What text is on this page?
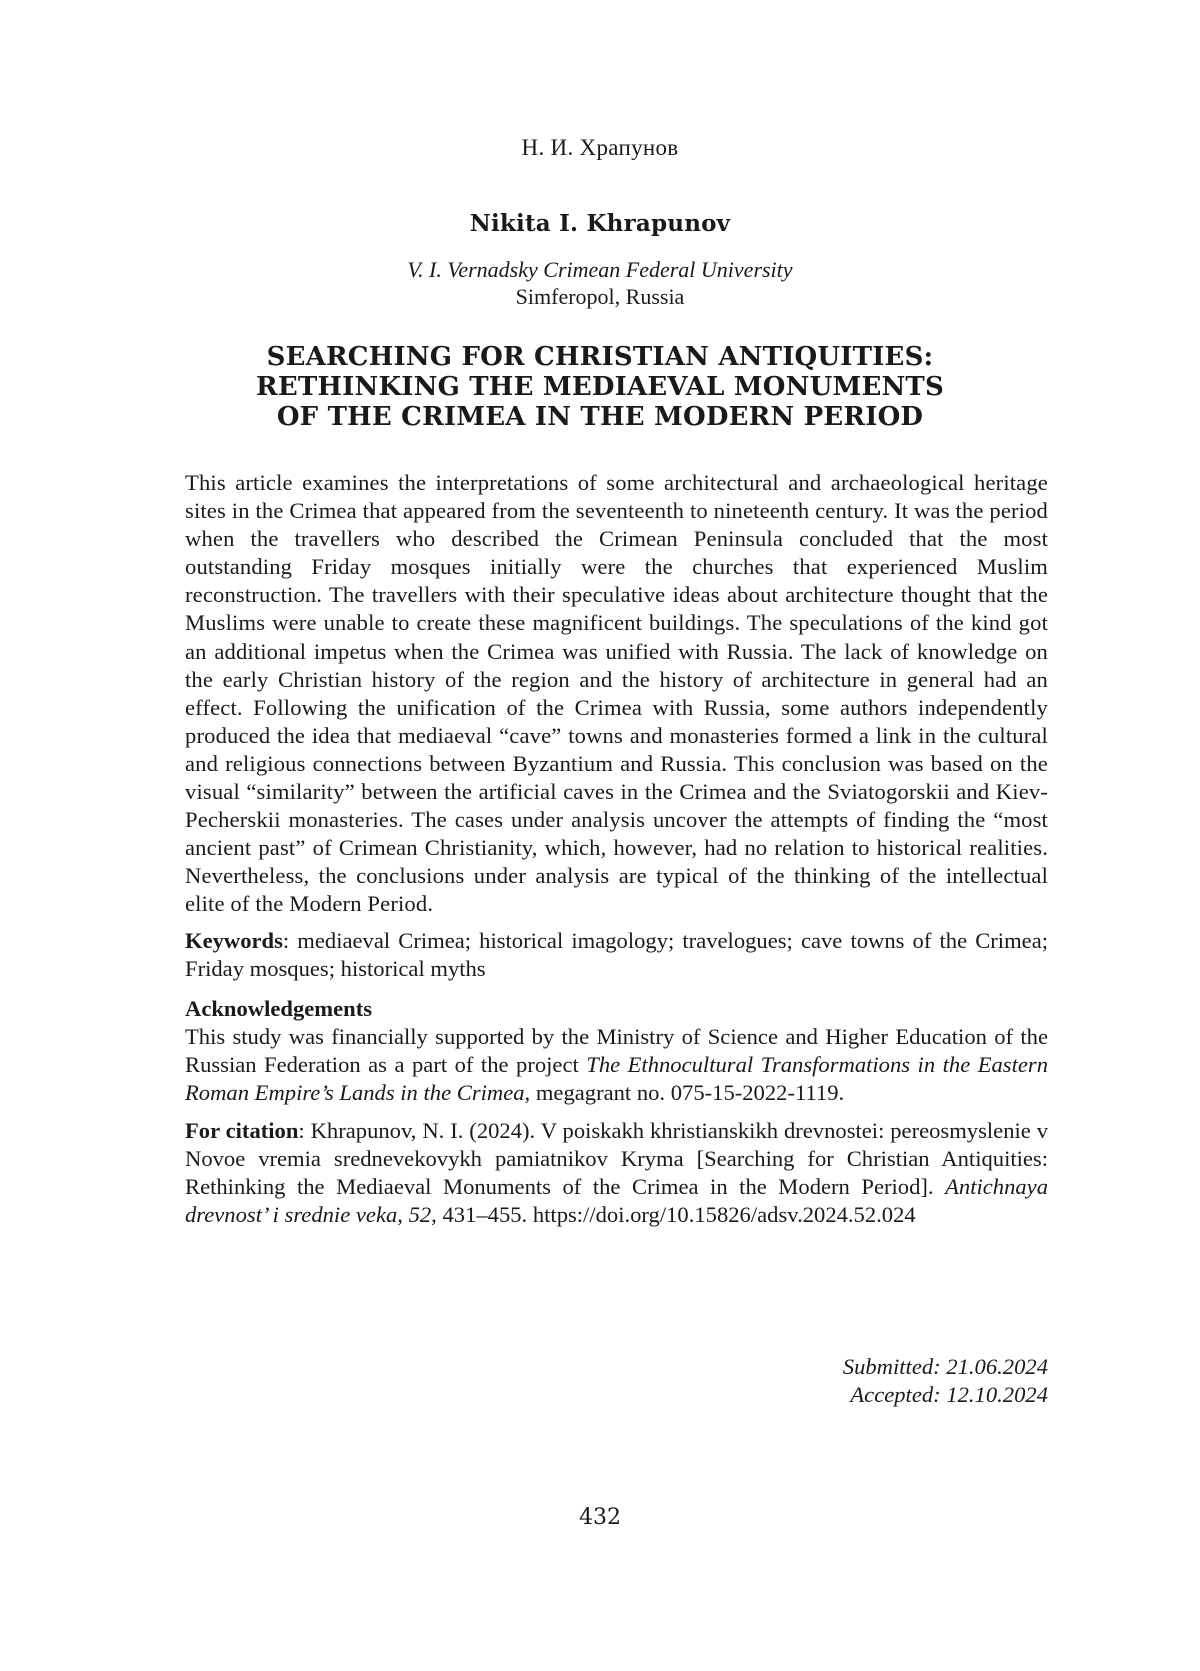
Н. И. Храпунов
Nikita I. Khrapunov
V. I. Vernadsky Crimean Federal University
Simferopol, Russia
SEARCHING FOR CHRISTIAN ANTIQUITIES:
RETHINKING THE MEDIAEVAL MONUMENTS
OF THE CRIMEA IN THE MODERN PERIOD

This article examines the interpretations of some architectural and archaeological heritage sites in the Crimea that appeared from the seventeenth to nineteenth century. It was the period when the travellers who described the Crimean Peninsula concluded that the most outstanding Friday mosques initially were the churches that experienced Muslim reconstruction. The travellers with their speculative ideas about architecture thought that the Muslims were unable to create these magnificent buildings. The speculations of the kind got an additional impetus when the Crimea was unified with Russia. The lack of knowledge on the early Christian history of the region and the history of architecture in general had an effect. Following the unification of the Crimea with Russia, some authors independently produced the idea that mediaeval “cave” towns and monasteries formed a link in the cultural and religious connections between Byzantium and Russia. This conclusion was based on the visual “similarity” between the artificial caves in the Crimea and the Sviatogorskii and Kiev-Pecherskii monasteries. The cases under analysis uncover the attempts of finding the “most ancient past” of Crimean Christianity, which, however, had no relation to historical realities. Nevertheless, the conclusions under analysis are typical of the thinking of the intellectual elite of the Modern Period.

Keywords: mediaeval Crimea; historical imagology; travelogues; cave towns of the Crimea; Friday mosques; historical myths

Acknowledgements

This study was financially supported by the Ministry of Science and Higher Education of the Russian Federation as a part of the project The Ethnocultural Transformations in the Eastern Roman Empire’s Lands in the Crimea, megagrant no. 075-15-2022-1119.

For citation: Khrapunov, N. I. (2024). V poiskakh khristianskikh drevnostei: pereosmyslenie v Novoe vremia srednevekovykh pamiatnikov Kryma [Searching for Christian Antiquities: Rethinking the Mediaeval Monuments of the Crimea in the Modern Period]. Antichnaya drevnost’ i srednie veka, 52, 431–455. https://doi.org/10.15826/adsv.2024.52.024

Submitted: 21.06.2024
Accepted: 12.10.2024
432
